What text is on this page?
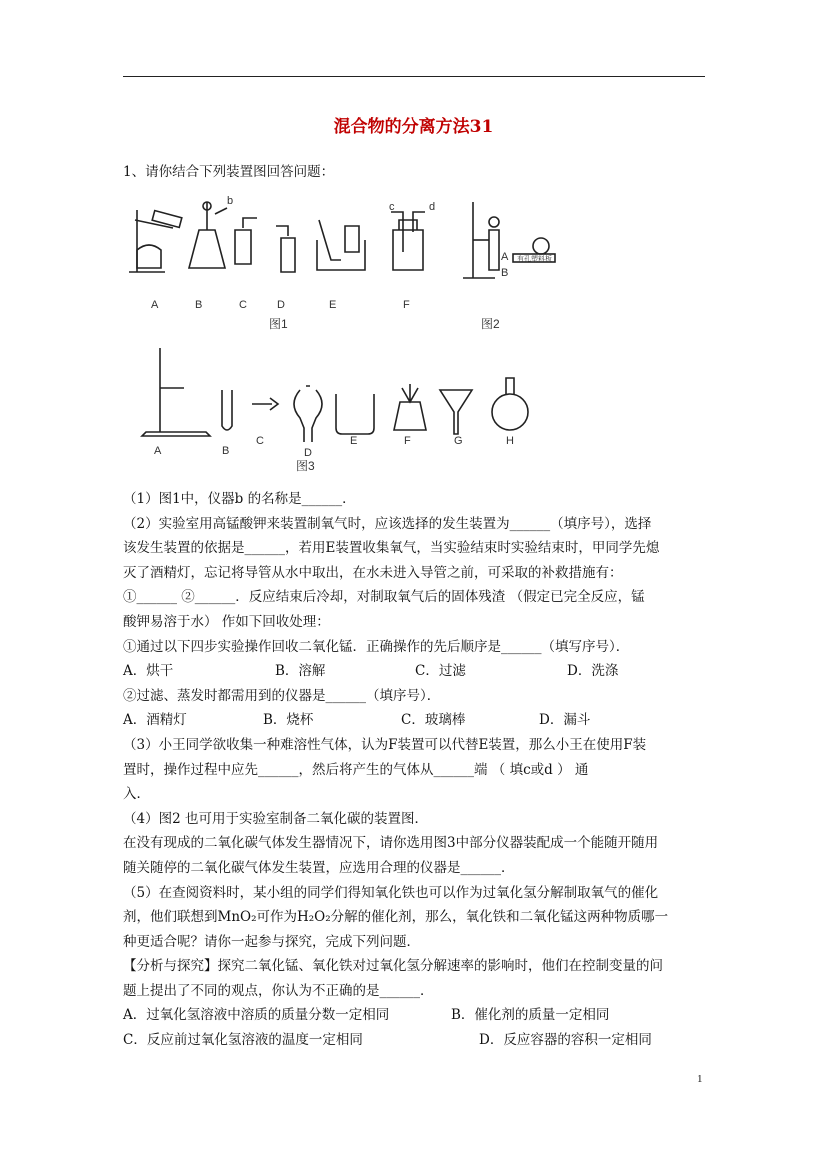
混合物的分离方法31
1、请你结合下列装置图回答问题：
b	c	d
A
B
有孔塑料板
A	B	C	D	E	F
图1	图2
A	B
C
D
E	F	G	H
图3

（1）图1中，仪器b 的名称是______．

（2）实验室用高锰酸钾来装置制氧气时，应该选择的发生装置为______（填序号），选择

该发生装置的依据是______，若用E装置收集氧气，当实验结束时实验结束时，甲同学先熄

灭了酒精灯，忘记将导管从水中取出，在水未进入导管之前，可采取的补救措施有：

①______ ②______．反应结束后冷却，对制取氧气后的固体残渣 （假定已完全反应，锰

酸钾易溶于水） 作如下回收处理：

①通过以下四步实验操作回收二氧化锰．正确操作的先后顺序是______（填写序号）．

A．烘干	B．溶解	C．过滤	D．洗涤

②过滤、蒸发时都需用到的仪器是______（填序号）．

A．酒精灯	B．烧杯	C．玻璃棒	D．漏斗

（3）小王同学欲收集一种难溶性气体，认为F装置可以代替E装置，那么小王在使用F装

置时，操作过程中应先______，然后将产生的气体从______端 （ 填c或d ） 通

入．

（4）图2 也可用于实验室制备二氧化碳的装置图．

在没有现成的二氧化碳气体发生器情况下，请你选用图3中部分仪器装配成一个能随开随用

随关随停的二氧化碳气体发生装置，应选用合理的仪器是______．

（5）在查阅资料时，某小组的同学们得知氧化铁也可以作为过氧化氢分解制取氧气的催化

剂，他们联想到MnO₂可作为H₂O₂分解的催化剂，那么，氧化铁和二氧化锰这两种物质哪一

种更适合呢？请你一起参与探究，完成下列问题．

【分析与探究】探究二氧化锰、氧化铁对过氧化氢分解速率的影响时，他们在控制变量的问

题上提出了不同的观点，你认为不正确的是______．

A．过氧化氢溶液中溶质的质量分数一定相同	B．催化剂的质量一定相同

C．反应前过氧化氢溶液的温度一定相同	D．反应容器的容积一定相同

1
